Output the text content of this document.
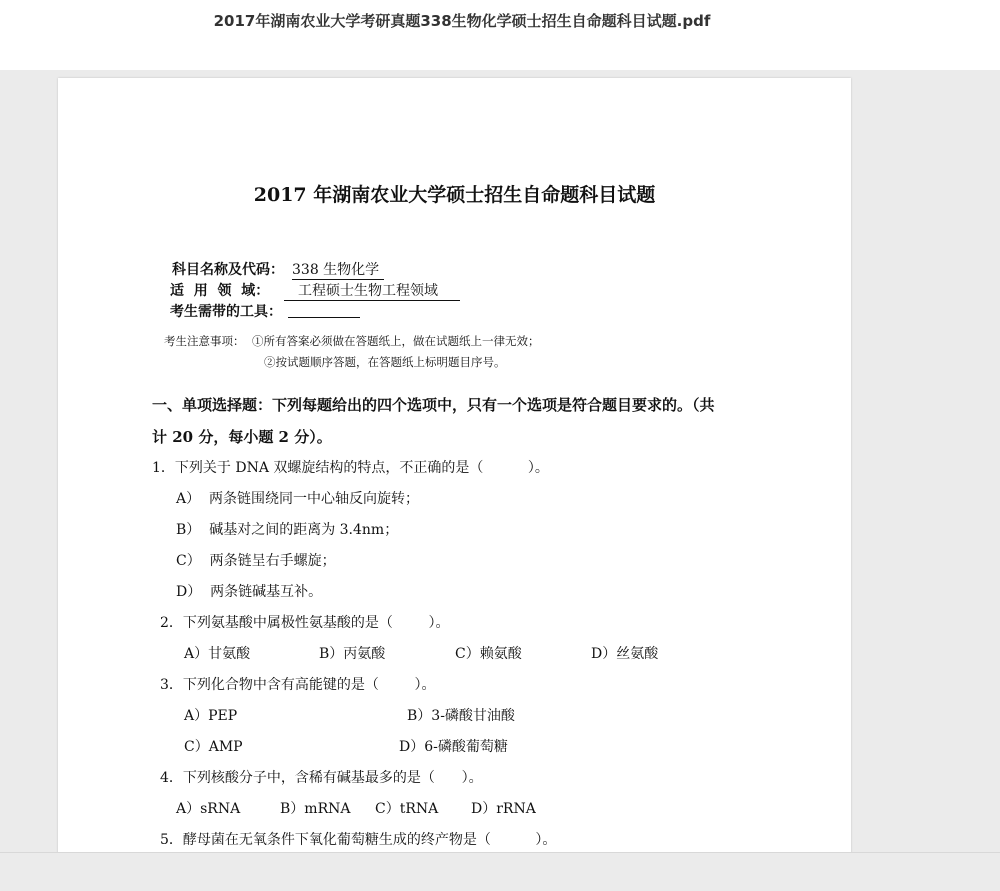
2017年湖南农业大学考研真题338生物化学硕士招生自命题科目试题.pdf
2017 年湖南农业大学硕士招生自命题科目试题
科目名称及代码： 338 生物化学
适  用  领  域：	工程硕士生物工程领域
考生需带的工具：
考生注意事项： ①所有答案必须做在答题纸上，做在试题纸上一律无效；
②按试题顺序答题，在答题纸上标明题目序号。
一、单项选择题：下列每题给出的四个选项中，只有一个选项是符合题目要求的。（共
计 20 分，每小题 2 分）。
1．下列关于 DNA 双螺旋结构的特点，不正确的是（          ）。
A）  两条链围绕同一中心轴反向旋转；
B）  碱基对之间的距离为 3.4nm；
C）  两条链呈右手螺旋；
D）  两条链碱基互补。
2．下列氨基酸中属极性氨基酸的是（        ）。
A）甘氨酸	B）丙氨酸	C）赖氨酸	D）丝氨酸
3．下列化合物中含有高能键的是（        ）。
A）PEP	B）3-磷酸甘油酸
C）AMP	D）6-磷酸葡萄糖
4．下列核酸分子中，含稀有碱基最多的是（      ）。
A）sRNA	B）mRNA C）tRNA D）rRNA
5．酵母菌在无氧条件下氧化葡萄糖生成的终产物是（          ）。
